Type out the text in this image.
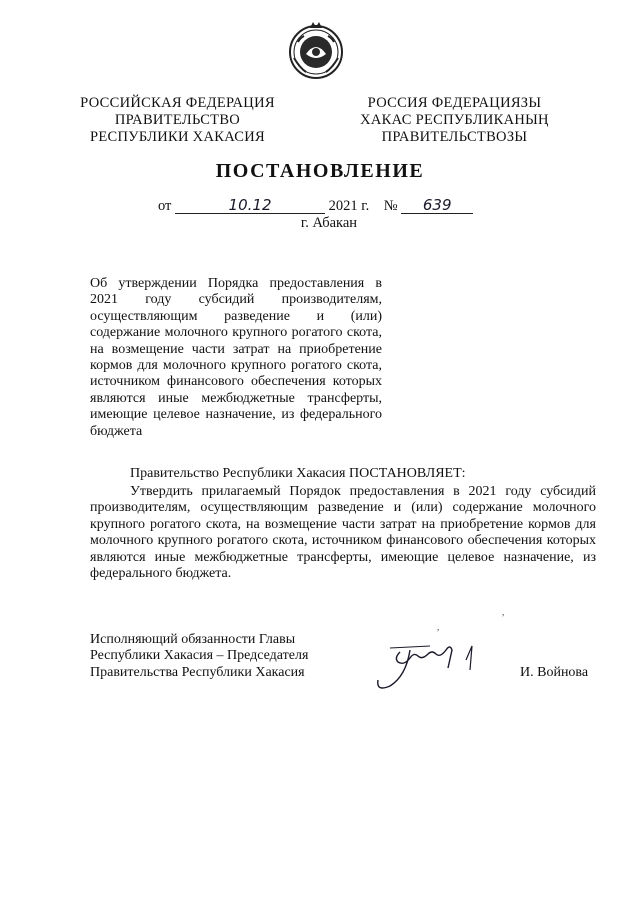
РОССИЙСКАЯ ФЕДЕРАЦИЯ
ПРАВИТЕЛЬСТВО
РЕСПУБЛИКИ ХАКАСИЯ
РОССИЯ ФЕДЕРАЦИЯЗЫ
ХАКАС РЕСПУБЛИКАНЫҢ
ПРАВИТЕЛЬСТВОЗЫ
ПОСТАНОВЛЕНИЕ
от	10.12	2021 г. № 639
г. Абакан
Об утверждении Порядка предоставления в 2021 году субсидий производителям, осуществляющим разведение и (или) содержание молочного крупного рогатого скота, на возмещение части затрат на приобретение кормов для молочного крупного рогатого скота, источником финансового обеспечения которых являются иные межбюджетные трансферты, имеющие целевое назначение, из федерального бюджета
Правительство Республики Хакасия ПОСТАНОВЛЯЕТ:
Утвердить прилагаемый Порядок предоставления в 2021 году субсидий производителям, осуществляющим разведение и (или) содержание молочного крупного рогатого скота, на возмещение части затрат на приобретение кормов для молочного крупного рогатого скота, источником финансового обеспечения которых являются иные межбюджетные трансферты, имеющие целевое назначение, из федерального бюджета.
Исполняющий обязанности Главы
Республики Хакасия – Председателя
Правительства Республики Хакасия
,
,
И. Войнова
